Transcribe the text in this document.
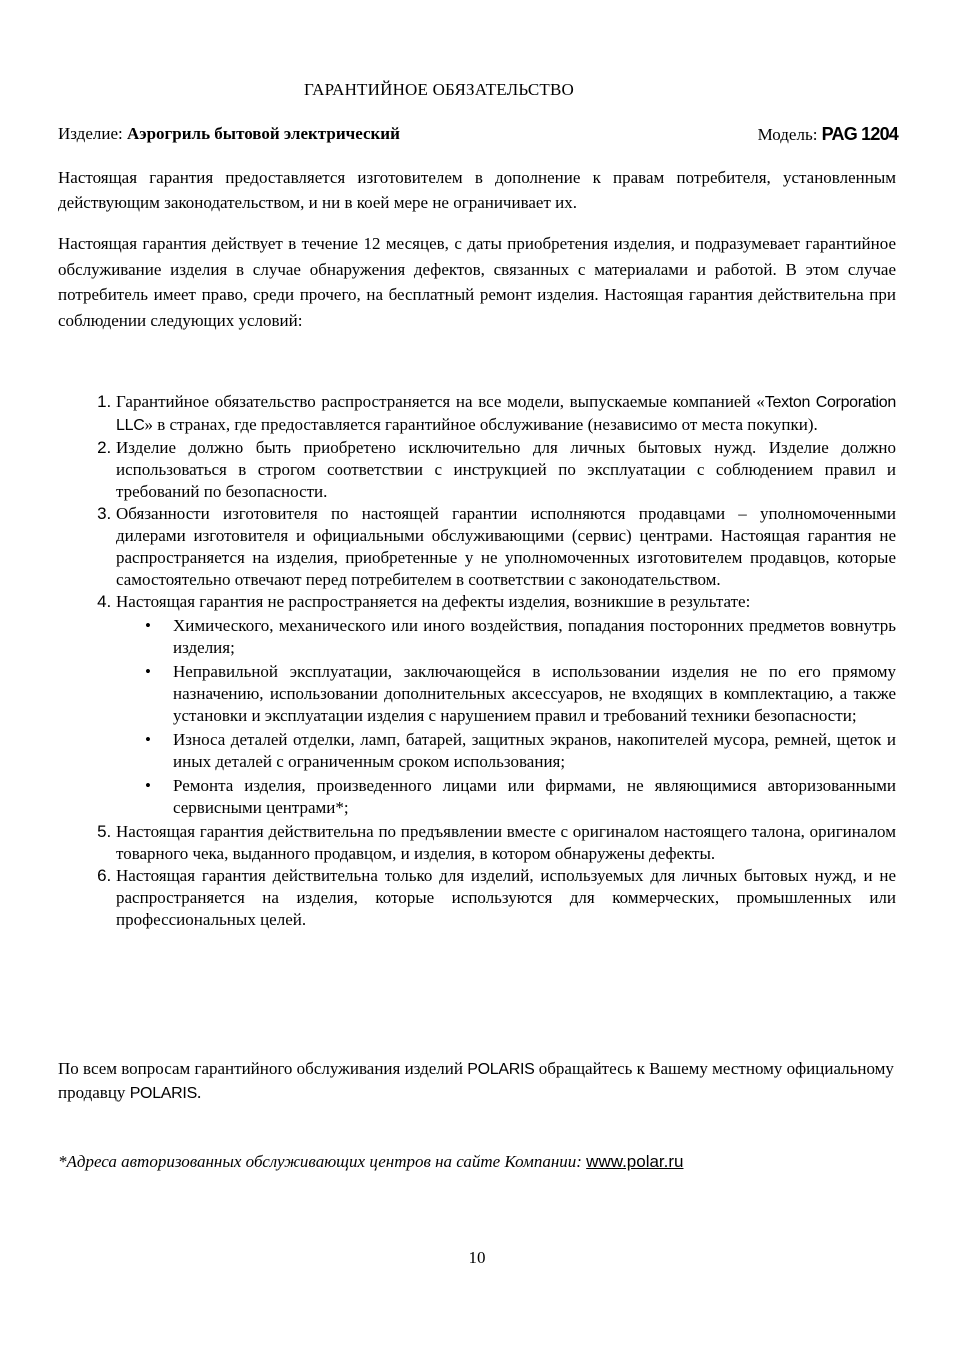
ГАРАНТИЙНОЕ ОБЯЗАТЕЛЬСТВО
Изделие: Аэрогриль бытовой электрический	Модель: PAG 1204
Настоящая гарантия предоставляется изготовителем в дополнение к правам потребителя, установленным действующим законодательством, и ни в коей мере не ограничивает их.
Настоящая гарантия действует в течение 12 месяцев, с даты приобретения изделия, и подразумевает гарантийное обслуживание изделия в случае обнаружения дефектов, связанных с материалами и работой. В этом случае потребитель имеет право, среди прочего, на бесплатный ремонт изделия. Настоящая гарантия действительна при соблюдении следующих условий:
1. Гарантийное обязательство распространяется на все модели, выпускаемые компанией «Texton Corporation LLC» в странах, где предоставляется гарантийное обслуживание (независимо от места покупки).
2. Изделие должно быть приобретено исключительно для личных бытовых нужд. Изделие должно использоваться в строгом соответствии с инструкцией по эксплуатации с соблюдением правил и требований по безопасности.
3. Обязанности изготовителя по настоящей гарантии исполняются продавцами – уполномоченными дилерами изготовителя и официальными обслуживающими (сервис) центрами. Настоящая гарантия не распространяется на изделия, приобретенные у не уполномоченных изготовителем продавцов, которые самостоятельно отвечают перед потребителем в соответствии с законодательством.
4. Настоящая гарантия не распространяется на дефекты изделия, возникшие в результате:
• Химического, механического или иного воздействия, попадания посторонних предметов вовнутрь изделия;
• Неправильной эксплуатации, заключающейся в использовании изделия не по его прямому назначению, использовании дополнительных аксессуаров, не входящих в комплектацию, а также установки и эксплуатации изделия с нарушением правил и требований техники безопасности;
• Износа деталей отделки, ламп, батарей, защитных экранов, накопителей мусора, ремней, щеток и иных деталей с ограниченным сроком использования;
• Ремонта изделия, произведенного лицами или фирмами, не являющимися авторизованными сервисными центрами*;
5. Настоящая гарантия действительна по предъявлении вместе с оригиналом настоящего талона, оригиналом товарного чека, выданного продавцом, и изделия, в котором обнаружены дефекты.
6. Настоящая гарантия действительна только для изделий, используемых для личных бытовых нужд, и не распространяется на изделия, которые используются для коммерческих, промышленных или профессиональных целей.
По всем вопросам гарантийного обслуживания изделий POLARIS обращайтесь к Вашему местному официальному продавцу POLARIS.
*Адреса авторизованных обслуживающих центров на сайте Компании: www.polar.ru
10
